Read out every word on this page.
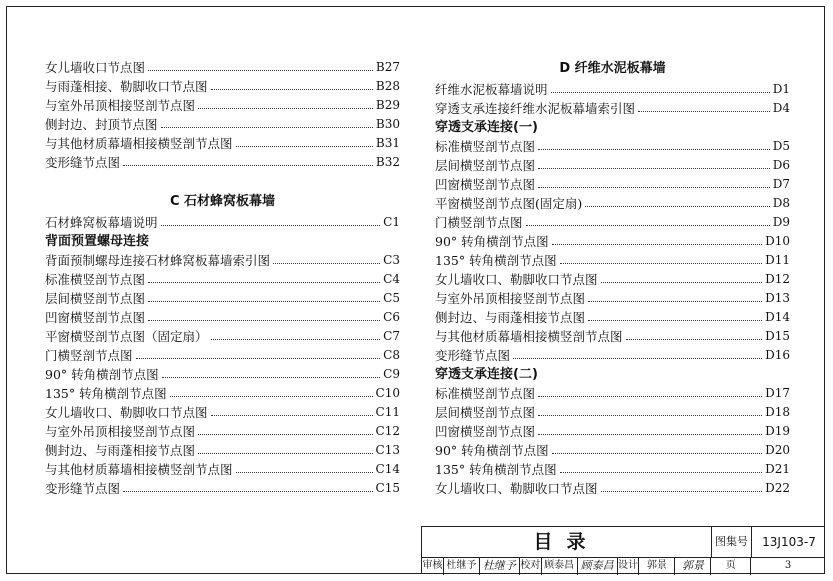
女儿墙收口节点图	B27
与雨蓬相接、勒脚收口节点图	B28
与室外吊顶相接竖剖节点图	B29
侧封边、封顶节点图	B30
与其他材质幕墙相接横竖剖节点图	B31
变形缝节点图	B32
C 石材蜂窝板幕墙
石材蜂窝板幕墙说明	C1
背面预置螺母连接
背面预制螺母连接石材蜂窝板幕墙索引图	C3
标准横竖剖节点图	C4
层间横竖剖节点图	C5
凹窗横竖剖节点图	C6
平窗横竖剖节点图（固定扇）	C7
门横竖剖节点图	C8
90° 转角横剖节点图	C9
135° 转角横剖节点图	C10
女儿墙收口、勒脚收口节点图	C11
与室外吊顶相接竖剖节点图	C12
侧封边、与雨蓬相接节点图	C13
与其他材质幕墙相接横竖剖节点图	C14
变形缝节点图	C15
D 纤维水泥板幕墙
纤维水泥板幕墙说明	D1
穿透支承连接纤维水泥板幕墙索引图	D4
穿透支承连接(一)
标准横竖剖节点图	D5
层间横竖剖节点图	D6
凹窗横竖剖节点图	D7
平窗横竖剖节点图(固定扇)	D8
门横竖剖节点图	D9
90° 转角横剖节点图	D10
135° 转角横剖节点图	D11
女儿墙收口、勒脚收口节点图	D12
与室外吊顶相接竖剖节点图	D13
侧封边、与雨蓬相接节点图	D14
与其他材质幕墙相接横竖剖节点图	D15
变形缝节点图	D16
穿透支承连接(二)
标准横竖剖节点图	D17
层间横竖剖节点图	D18
凹窗横竖剖节点图	D19
90° 转角横剖节点图	D20
135° 转角横剖节点图	D21
女儿墙收口、勒脚收口节点图	D22
目录	图集号	13J103-7
审核 杜继予 杜继予 校对 顾泰昌 顾泰昌 设计 郭景	郭景	页	3
